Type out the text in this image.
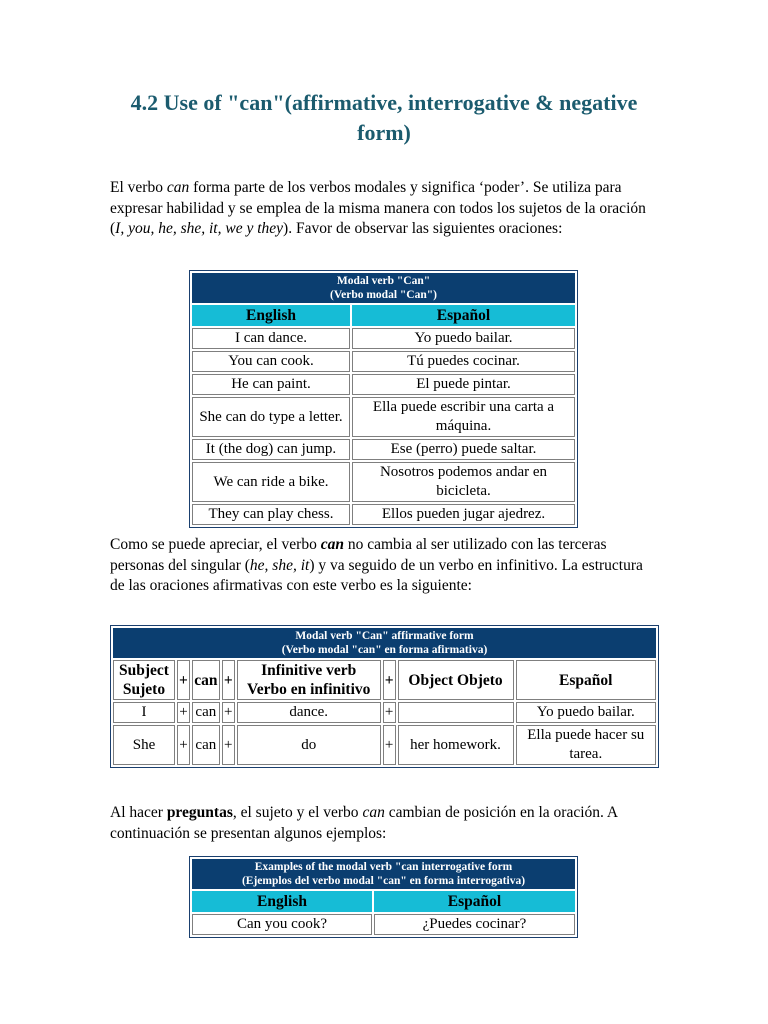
4.2 Use of "can"(affirmative, interrogative & negative form)

El verbo can forma parte de los verbos modales y significa ‘poder’. Se utiliza para expresar habilidad y se emplea de la misma manera con todos los sujetos de la oración (I, you, he, she, it, we y they). Favor de observar las siguientes oraciones:

Modal verb "Can"
(Verbo modal "Can")	
English	Español
I can dance.	Yo puedo bailar.
You can cook.	Tú puedes cocinar.
He can paint.	El puede pintar.
She can do type a letter.	Ella puede escribir una carta a máquina.
It (the dog) can jump.	Ese (perro) puede saltar.
We can ride a bike.	Nosotros podemos andar en bicicleta.
They can play chess.	Ellos pueden jugar ajedrez.

Como se puede apreciar, el verbo can no cambia al ser utilizado con las terceras personas del singular (he, she, it) y va seguido de un verbo en infinitivo. La estructura de las oraciones afirmativas con este verbo es la siguiente:

Modal verb "Can" affirmative form
(Verbo modal "can" en forma afirmativa)							
Subject Sujeto	+	can	+	Infinitive verb Verbo en infinitivo	+	Object Objeto	Español
I	+	can	+	dance.	+		Yo puedo bailar.
She	+	can	+	do	+	her homework.	Ella puede hacer su tarea.

Al hacer preguntas, el sujeto y el verbo can cambian de posición en la oración. A continuación se presentan algunos ejemplos:

Examples of the modal verb "can interrogative form
(Ejemplos del verbo modal "can" en forma interrogativa)	
English	Español
Can you cook?	¿Puedes cocinar?
